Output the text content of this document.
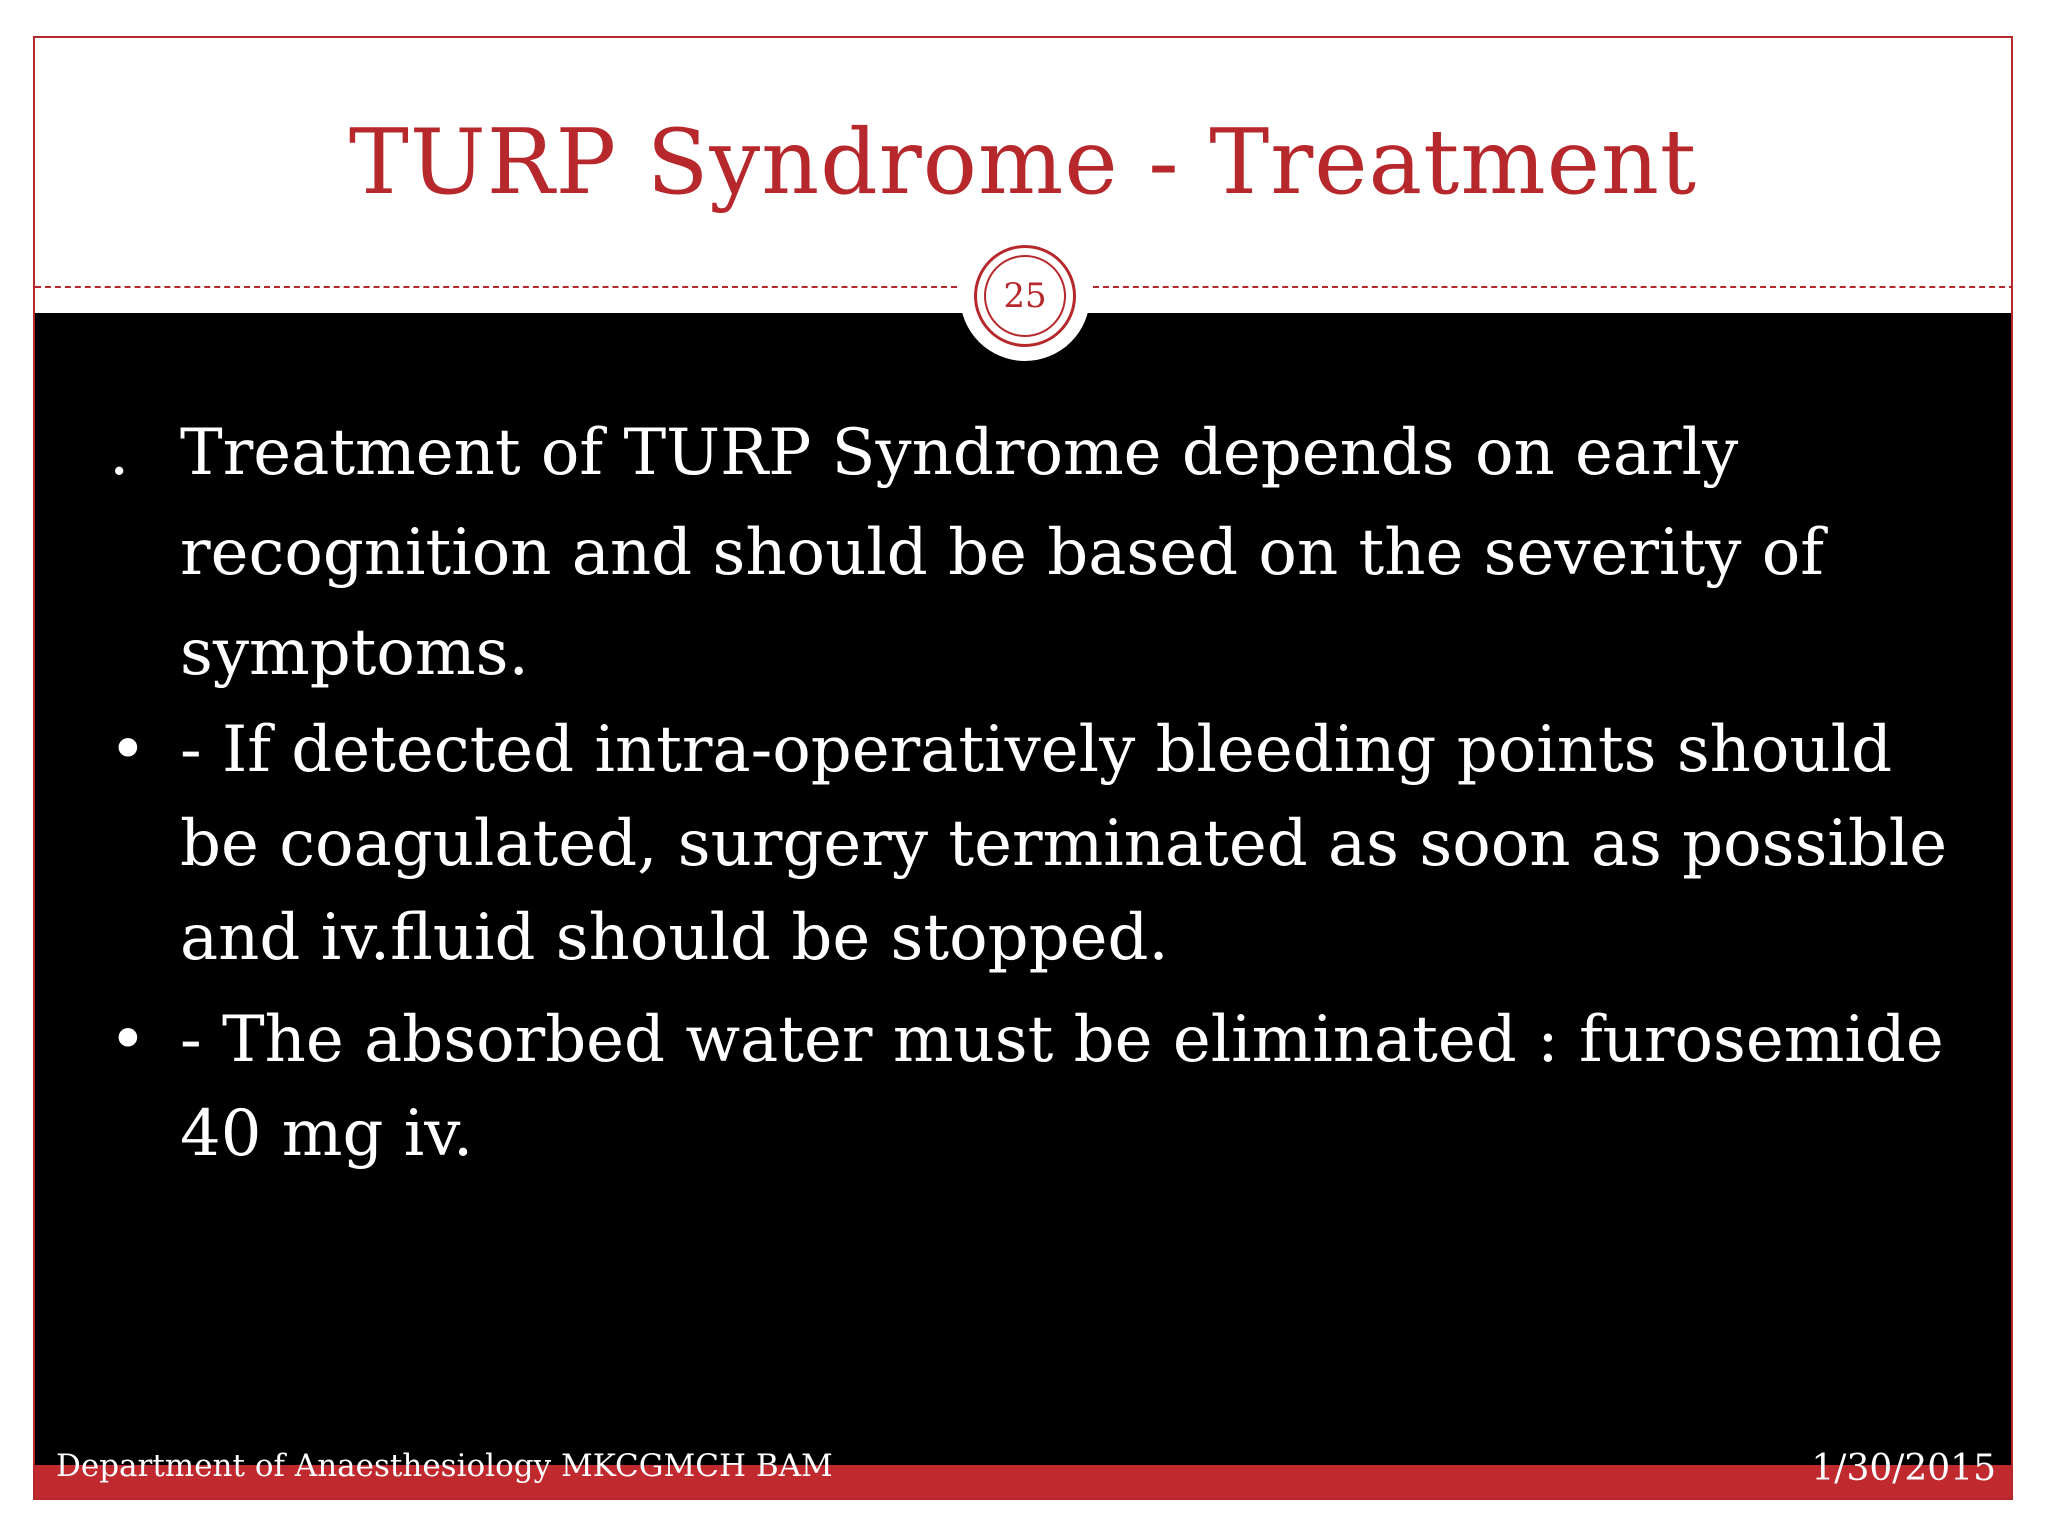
TURP Syndrome - Treatment
25
. Treatment of TURP Syndrome depends on early recognition and should be based on the severity of symptoms.
• - If detected intra-operatively bleeding points should be coagulated, surgery terminated as soon as possible and iv.fluid should be stopped.
• - The absorbed water must be eliminated : furosemide 40 mg iv.
Department of Anaesthesiology MKCGMCH BAM	1/30/2015
